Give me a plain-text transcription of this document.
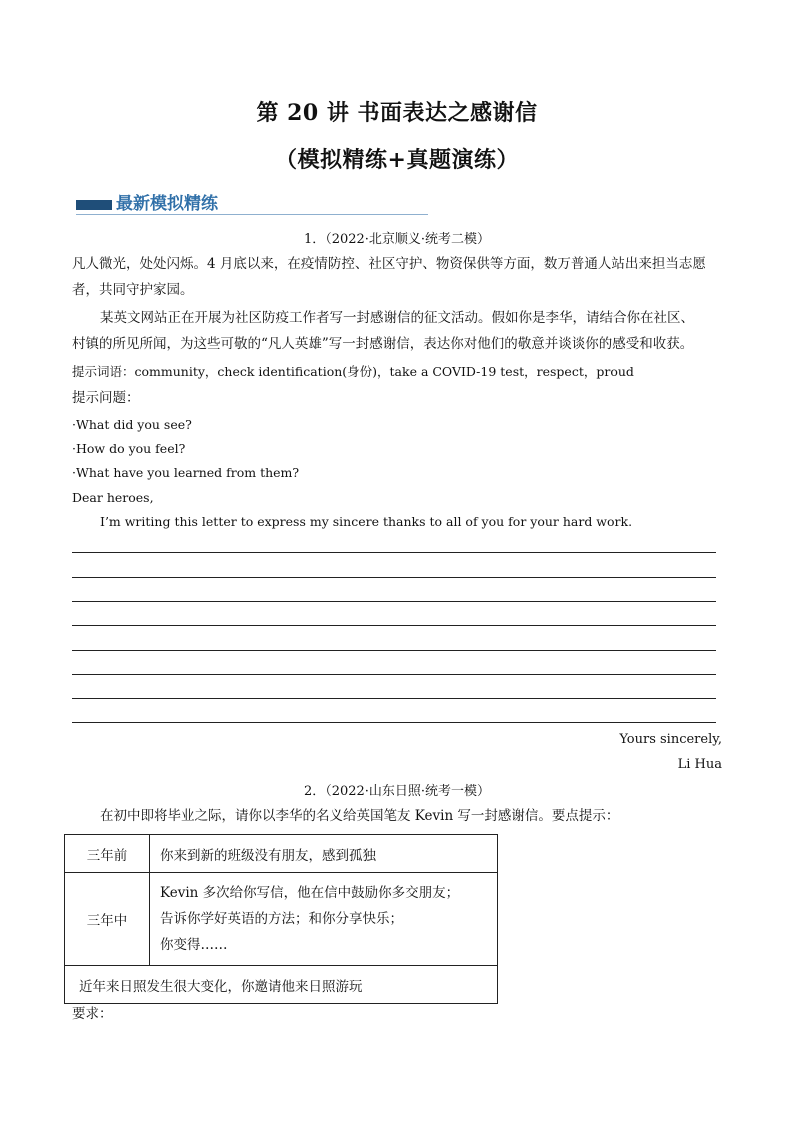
第 20 讲 书面表达之感谢信
（模拟精练+真题演练）
最新模拟精练
1．（2022·北京顺义·统考二模）
凡人微光，处处闪烁。4 月底以来，在疫情防控、社区守护、物资保供等方面，数万普通人站出来担当志愿
者，共同守护家园。
某英文网站正在开展为社区防疫工作者写一封感谢信的征文活动。假如你是李华，请结合你在社区、
村镇的所见所闻，为这些可敬的“凡人英雄”写一封感谢信，表达你对他们的敬意并谈谈你的感受和收获。
提示词语：community，check identification(身份)，take a COVID-19 test，respect，proud
提示问题：
·What did you see?
·How do you feel?
·What have you learned from them?
Dear heroes,
I’m writing this letter to express my sincere thanks to all of you for your hard work.
Yours sincerely,
Li Hua
2．（2022·山东日照·统考一模）
在初中即将毕业之际，请你以李华的名义给英国笔友 Kevin 写一封感谢信。要点提示：
三年前	你来到新的班级没有朋友，感到孤独
三年中	Kevin 多次给你写信，他在信中鼓励你多交朋友；
告诉你学好英语的方法；和你分享快乐；
你变得……

近年来日照发生很大变化，你邀请他来日照游玩	
要求：
